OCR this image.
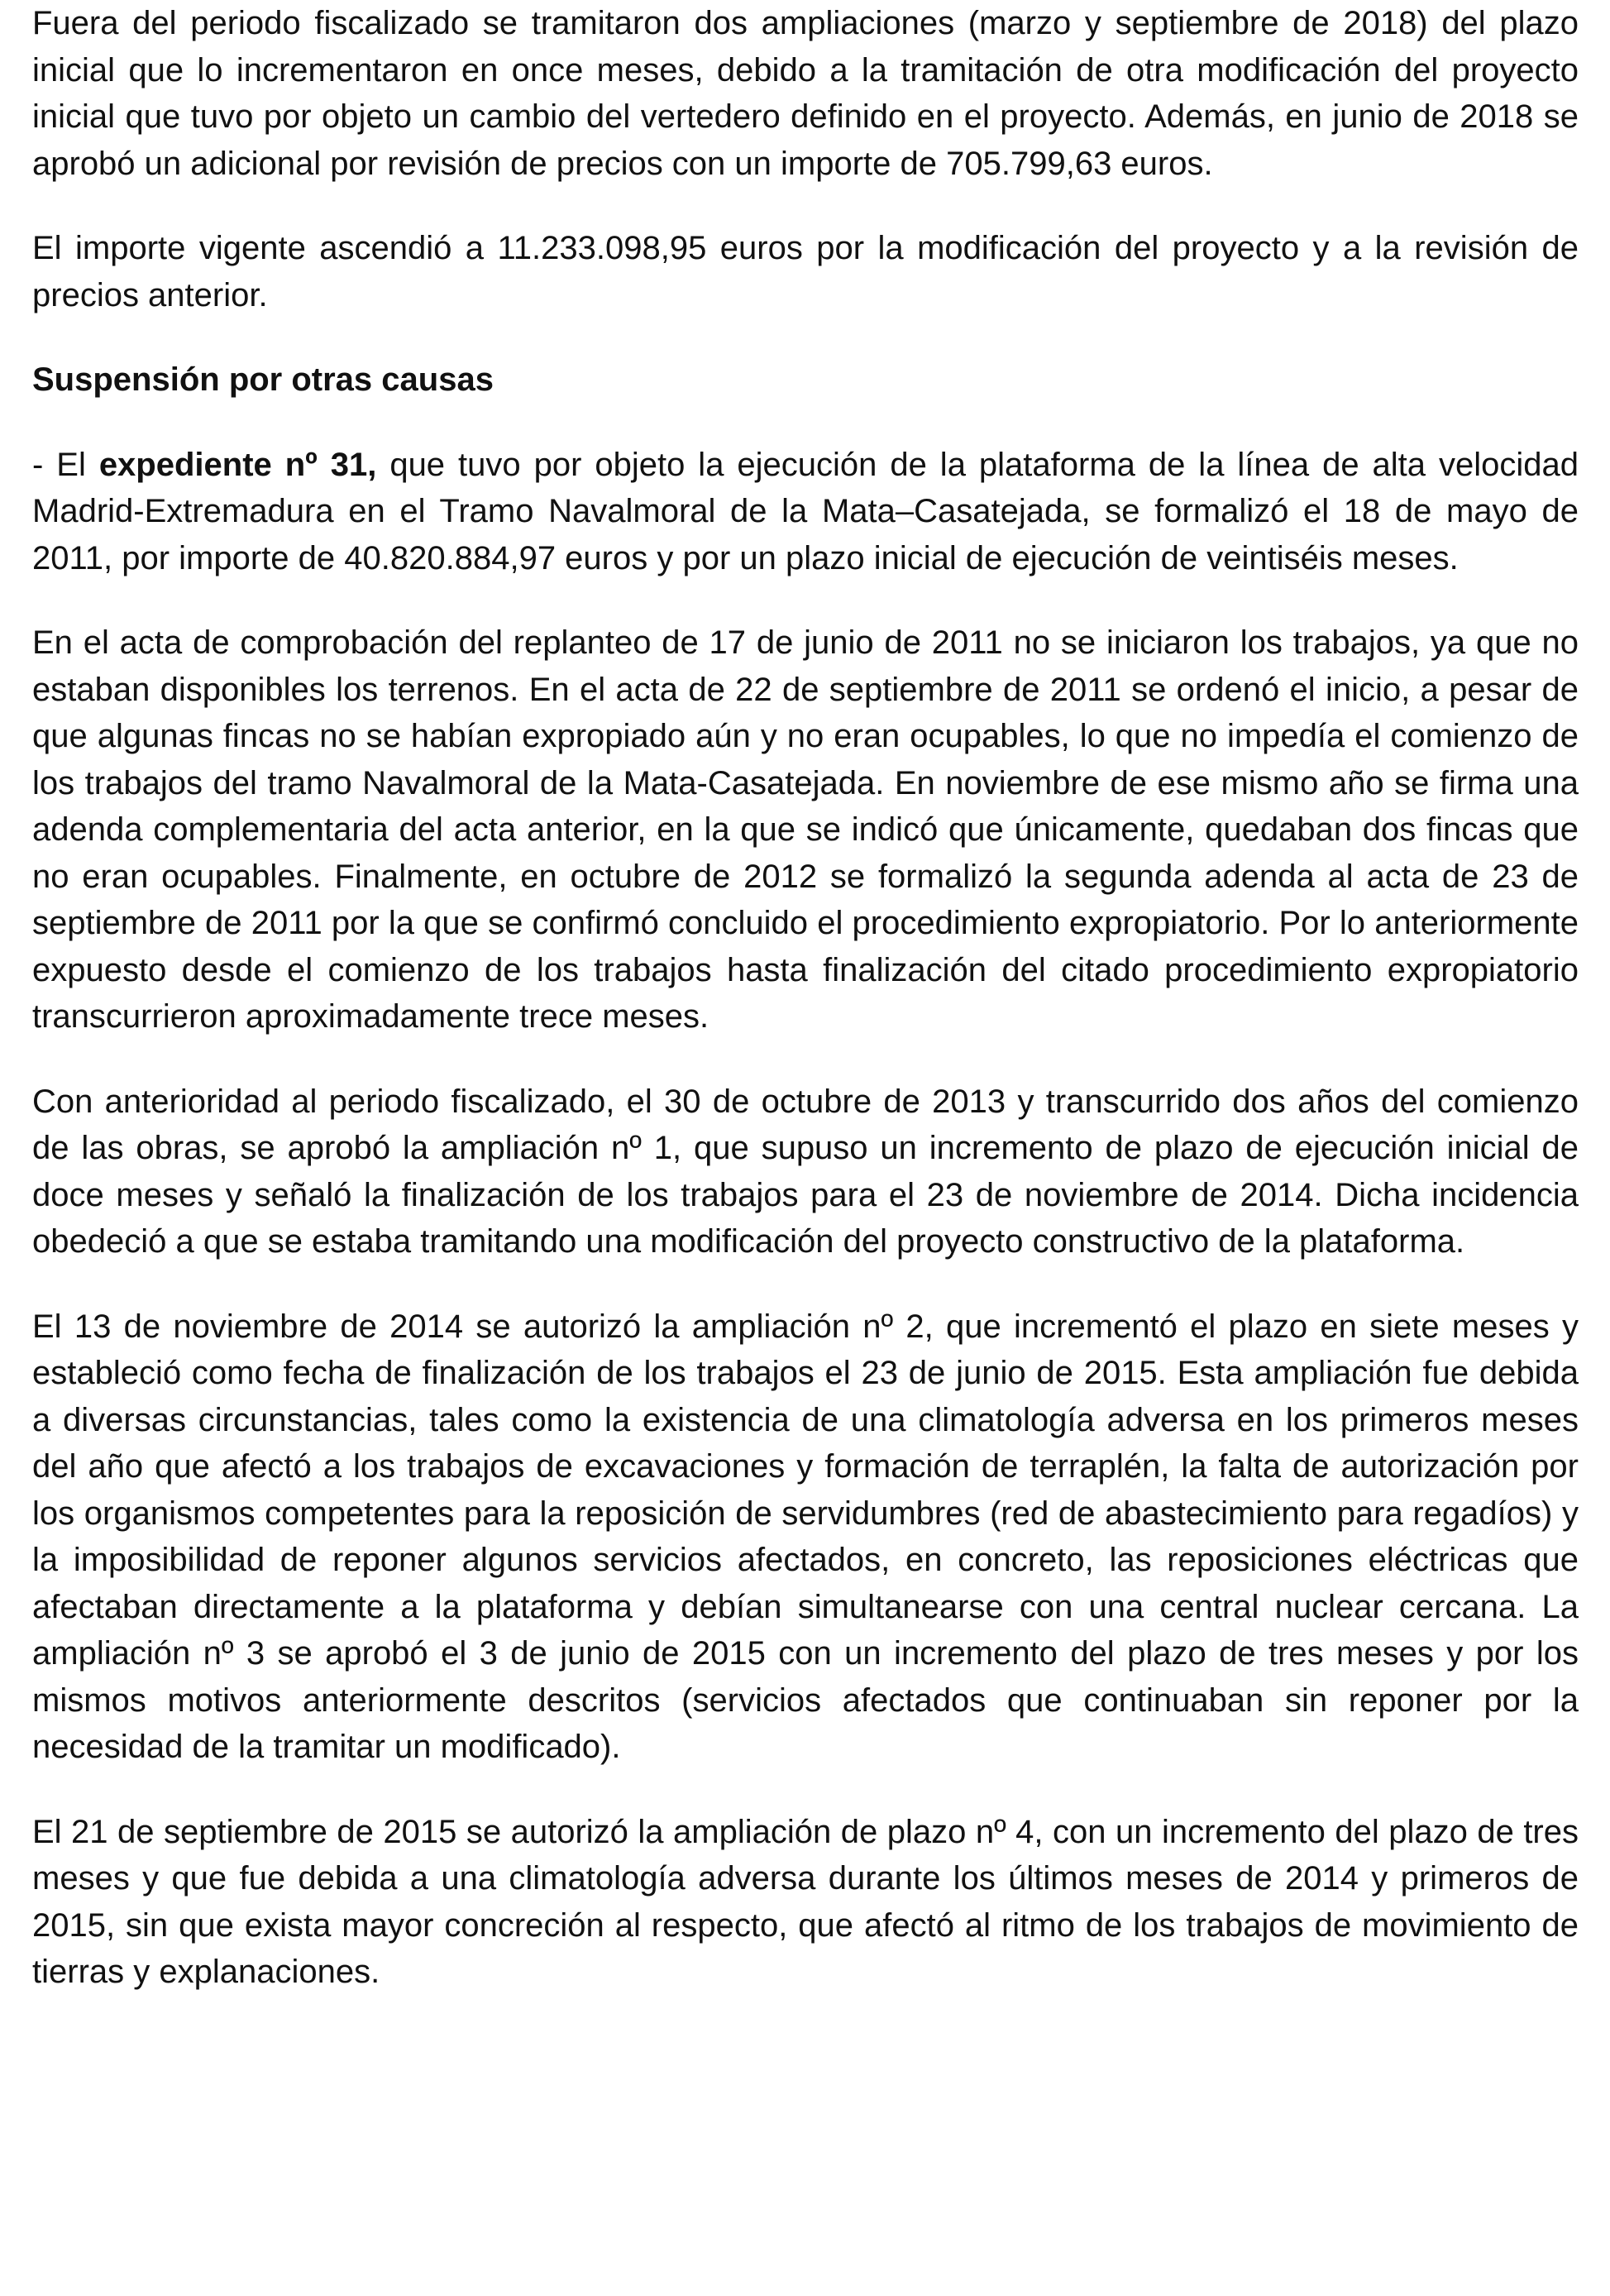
Fuera del periodo fiscalizado se tramitaron dos ampliaciones (marzo y septiembre de 2018) del plazo inicial que lo incrementaron en once meses, debido a la tramitación de otra modificación del proyecto inicial que tuvo por objeto un cambio del vertedero definido en el proyecto. Además, en junio de 2018 se aprobó un adicional por revisión de precios con un importe de 705.799,63 euros.

El importe vigente ascendió a 11.233.098,95 euros por la modificación del proyecto y a la revisión de precios anterior.

Suspensión por otras causas

- El expediente nº 31, que tuvo por objeto la ejecución de la plataforma de la línea de alta velocidad Madrid-Extremadura en el Tramo Navalmoral de la Mata–Casatejada, se formalizó el 18 de mayo de 2011, por importe de 40.820.884,97 euros y por un plazo inicial de ejecución de veintiséis meses.

En el acta de comprobación del replanteo de 17 de junio de 2011 no se iniciaron los trabajos, ya que no estaban disponibles los terrenos. En el acta de 22 de septiembre de 2011 se ordenó el inicio, a pesar de que algunas fincas no se habían expropiado aún y no eran ocupables, lo que no impedía el comienzo de los trabajos del tramo Navalmoral de la Mata-Casatejada. En noviembre de ese mismo año se firma una adenda complementaria del acta anterior, en la que se indicó que únicamente, quedaban dos fincas que no eran ocupables. Finalmente, en octubre de 2012 se formalizó la segunda adenda al acta de 23 de septiembre de 2011 por la que se confirmó concluido el procedimiento expropiatorio. Por lo anteriormente expuesto desde el comienzo de los trabajos hasta finalización del citado procedimiento expropiatorio transcurrieron aproximadamente trece meses.

Con anterioridad al periodo fiscalizado, el 30 de octubre de 2013 y transcurrido dos años del comienzo de las obras, se aprobó la ampliación nº 1, que supuso un incremento de plazo de ejecución inicial de doce meses y señaló la finalización de los trabajos para el 23 de noviembre de 2014. Dicha incidencia obedeció a que se estaba tramitando una modificación del proyecto constructivo de la plataforma.

El 13 de noviembre de 2014 se autorizó la ampliación nº 2, que incrementó el plazo en siete meses y estableció como fecha de finalización de los trabajos el 23 de junio de 2015. Esta ampliación fue debida a diversas circunstancias, tales como la existencia de una climatología adversa en los primeros meses del año que afectó a los trabajos de excavaciones y formación de terraplén, la falta de autorización por los organismos competentes para la reposición de servidumbres (red de abastecimiento para regadíos) y la imposibilidad de reponer algunos servicios afectados, en concreto, las reposiciones eléctricas que afectaban directamente a la plataforma y debían simultanearse con una central nuclear cercana. La ampliación nº 3 se aprobó el 3 de junio de 2015 con un incremento del plazo de tres meses y por los mismos motivos anteriormente descritos (servicios afectados que continuaban sin reponer por la necesidad de la tramitar un modificado).

El 21 de septiembre de 2015 se autorizó la ampliación de plazo nº 4, con un incremento del plazo de tres meses y que fue debida a una climatología adversa durante los últimos meses de 2014 y primeros de 2015, sin que exista mayor concreción al respecto, que afectó al ritmo de los trabajos de movimiento de tierras y explanaciones.
